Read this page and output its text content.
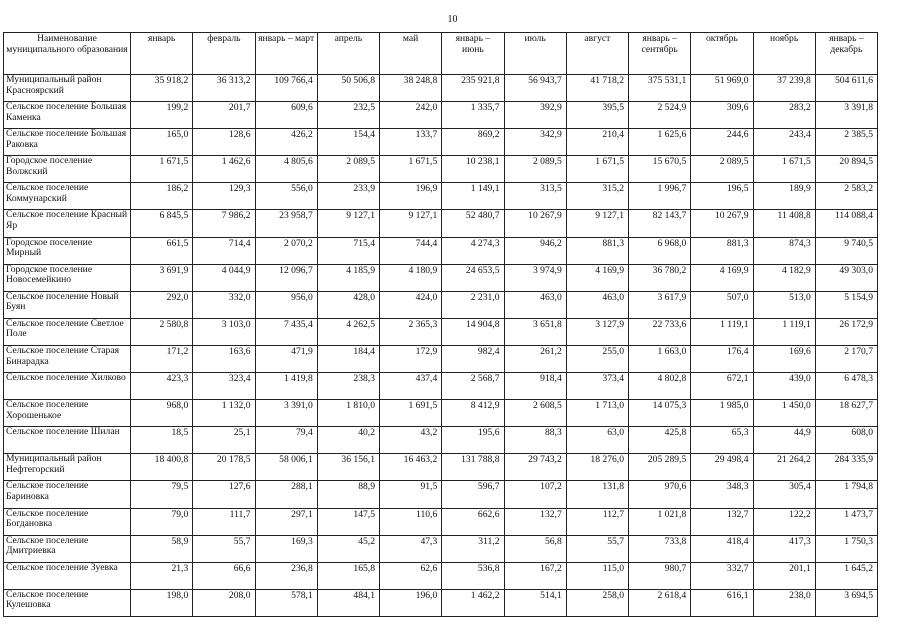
10
Наименование муниципального образования	январь	февраль	январь – март	апрель	май	январь – июнь	июль	август	январь – сентябрь	октябрь	ноябрь	январь – декабрь
Муниципальный район Красноярский	35 918,2	36 313,2	109 766,4	50 506,8	38 248,8	235 921,8	56 943,7	41 718,2	375 531,1	51 969,0	37 239,8	504 611,6
Сельское поселение Большая Каменка	199,2	201,7	609,6	232,5	242,0	1 335,7	392,9	395,5	2 524,9	309,6	283,2	3 391,8
Сельское поселение Большая Раковка	165,0	128,6	426,2	154,4	133,7	869,2	342,9	210,4	1 625,6	244,6	243,4	2 385,5
Городское поселение Волжский	1 671,5	1 462,6	4 805,6	2 089,5	1 671,5	10 238,1	2 089,5	1 671,5	15 670,5	2 089,5	1 671,5	20 894,5
Сельское поселение Коммунарский	186,2	129,3	556,0	233,9	196,9	1 149,1	313,5	315,2	1 996,7	196,5	189,9	2 583,2
Сельское поселение Красный Яр	6 845,5	7 986,2	23 958,7	9 127,1	9 127,1	52 480,7	10 267,9	9 127,1	82 143,7	10 267,9	11 408,8	114 088,4
Городское поселение Мирный	661,5	714,4	2 070,2	715,4	744,4	4 274,3	946,2	881,3	6 968,0	881,3	874,3	9 740,5
Городское поселение Новосемейкино	3 691,9	4 044,9	12 096,7	4 185,9	4 180,9	24 653,5	3 974,9	4 169,9	36 780,2	4 169,9	4 182,9	49 303,0
Сельское поселение Новый Буян	292,0	332,0	956,0	428,0	424,0	2 231,0	463,0	463,0	3 617,9	507,0	513,0	5 154,9
Сельское поселение Светлое Поле	2 580,8	3 103,0	7 435,4	4 262,5	2 365,3	14 904,8	3 651,8	3 127,9	22 733,6	1 119,1	1 119,1	26 172,9
Сельское поселение Старая Бинарадка	171,2	163,6	471,9	184,4	172,9	982,4	261,2	255,0	1 663,0	176,4	169,6	2 170,7
Сельское поселение Хилково	423,3	323,4	1 419,8	238,3	437,4	2 568,7	918,4	373,4	4 802,8	672,1	439,0	6 478,3
Сельское поселение Хорошенькое	968,0	1 132,0	3 391,0	1 810,0	1 691,5	8 412,9	2 608,5	1 713,0	14 075,3	1 985,0	1 450,0	18 627,7
Сельское поселение Шилан	18,5	25,1	79,4	40,2	43,2	195,6	88,3	63,0	425,8	65,3	44,9	608,0
Муниципальный район Нефтегорский	18 400,8	20 178,5	58 006,1	36 156,1	16 463,2	131 788,8	29 743,2	18 276,0	205 289,5	29 498,4	21 264,2	284 335,9
Сельское поселение Бариновка	79,5	127,6	288,1	88,9	91,5	596,7	107,2	131,8	970,6	348,3	305,4	1 794,8
Сельское поселение Богдановка	79,0	111,7	297,1	147,5	110,6	662,6	132,7	112,7	1 021,8	132,7	122,2	1 473,7
Сельское поселение Дмитриевка	58,9	55,7	169,3	45,2	47,3	311,2	56,8	55,7	733,8	418,4	417,3	1 750,3
Сельское поселение Зуевка	21,3	66,6	236,8	165,8	62,6	536,8	167,2	115,0	980,7	332,7	201,1	1 645,2
Сельское поселение Кулешовка	198,0	208,0	578,1	484,1	196,0	1 462,2	514,1	258,0	2 618,4	616,1	238,0	3 694,5
